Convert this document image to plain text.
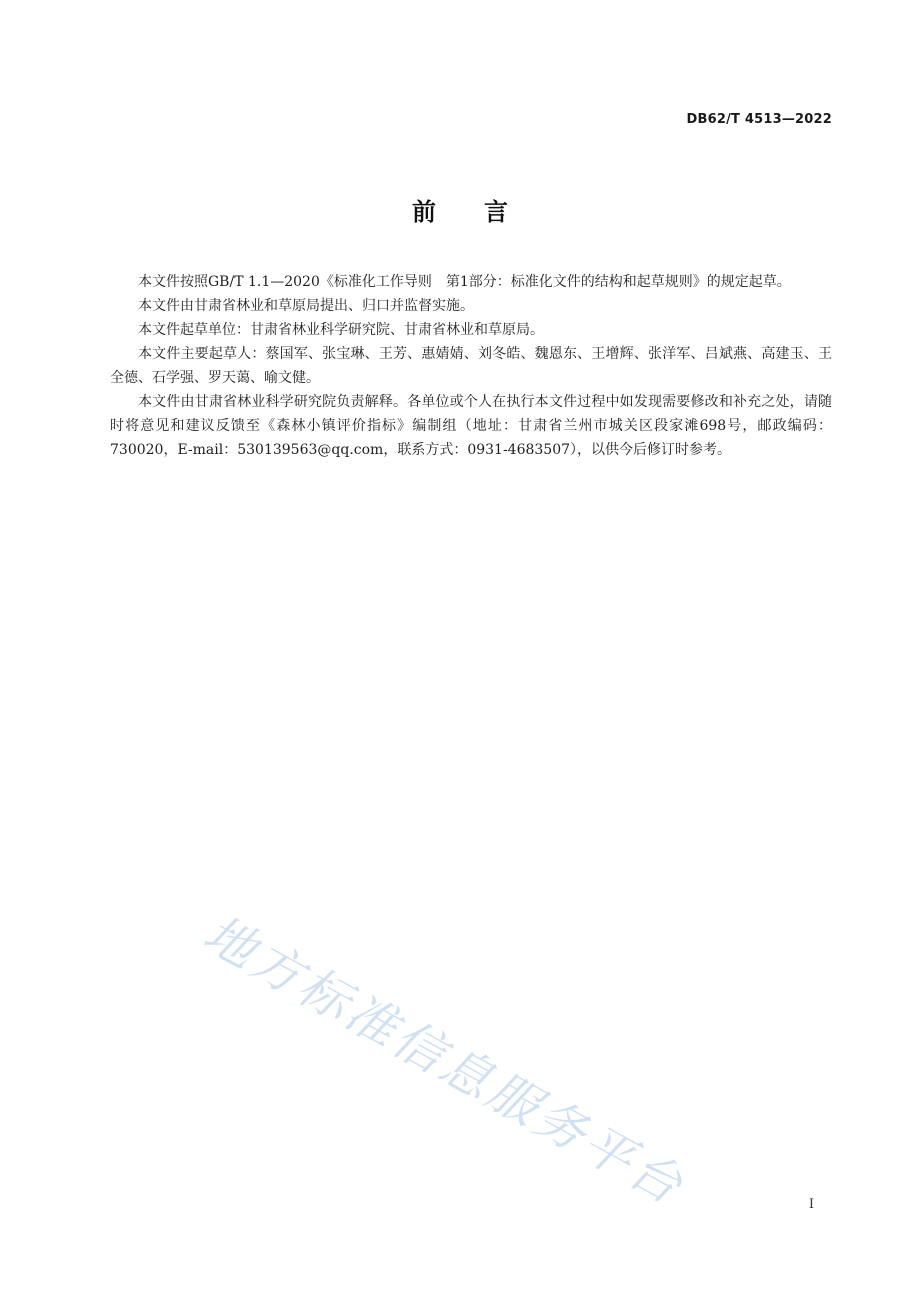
DB62/T 4513—2022
前言

本文件按照GB/T 1.1—2020《标准化工作导则　第1部分：标准化文件的结构和起草规则》的规定起草。

本文件由甘肃省林业和草原局提出、归口并监督实施。

本文件起草单位：甘肃省林业科学研究院、甘肃省林业和草原局。

本文件主要起草人：蔡国军、张宝琳、王芳、惠婧婧、刘冬皓、魏恩东、王增辉、张洋军、吕斌燕、高建玉、王全德、石学强、罗天蔼、喻文健。

本文件由甘肃省林业科学研究院负责解释。各单位或个人在执行本文件过程中如发现需要修改和补充之处，请随时将意见和建议反馈至《森林小镇评价指标》编制组（地址：甘肃省兰州市城关区段家滩698号，邮政编码：730020，E-mail：530139563@qq.com，联系方式：0931-4683507），以供今后修订时参考。

地方标准信息服务平台	I
